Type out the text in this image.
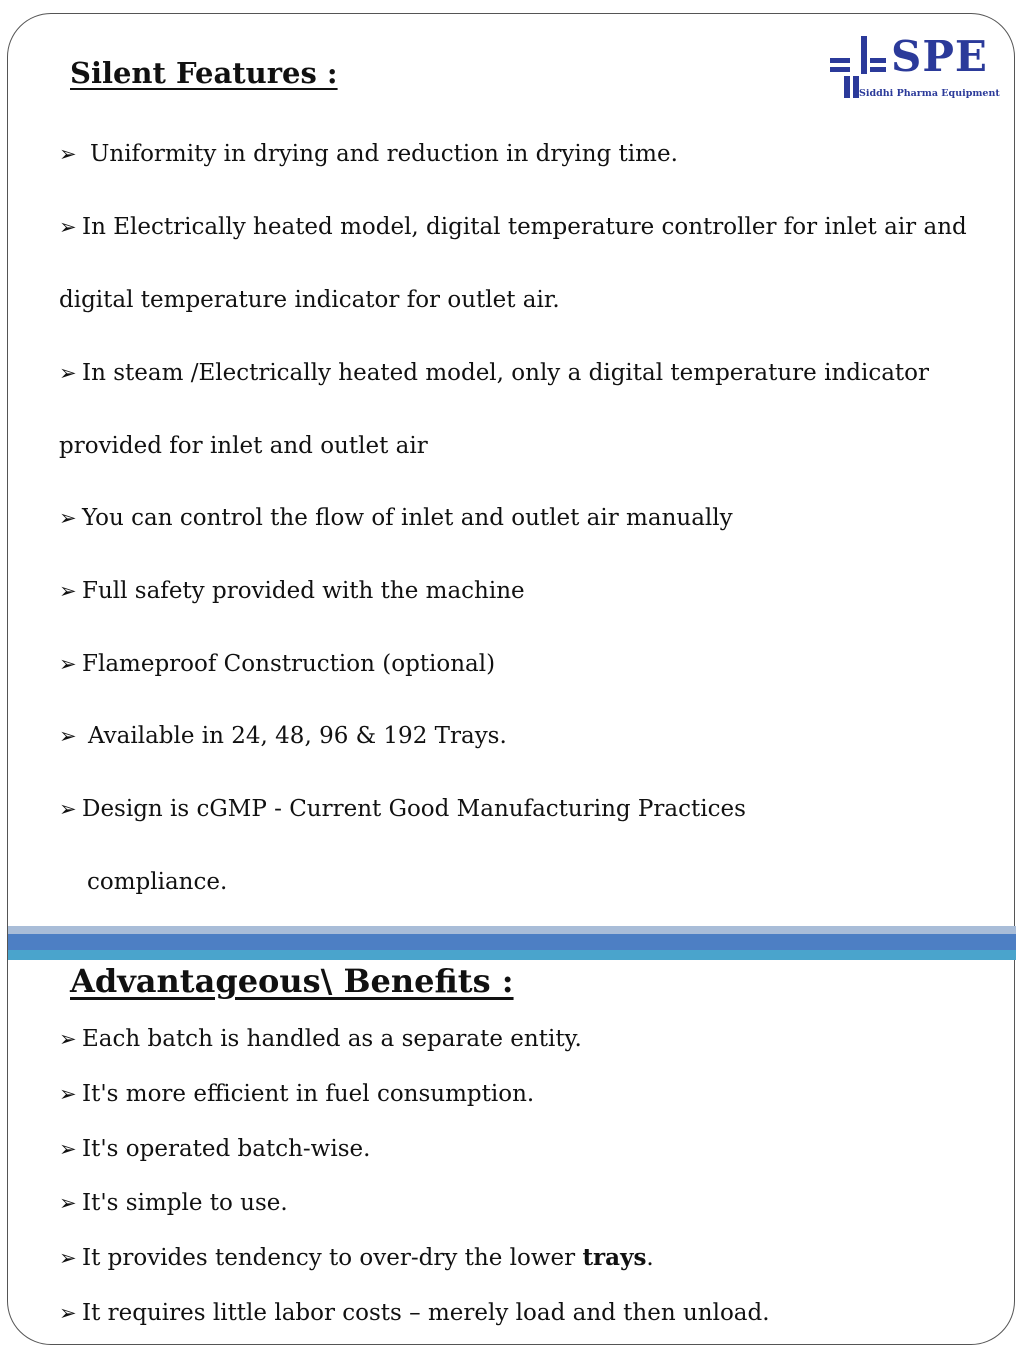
SPE
Siddhi Pharma Equipment
Silent Features :
➢ Uniformity in drying and reduction in drying time.
➢ In Electrically heated model, digital temperature controller for inlet air and
digital temperature indicator for outlet air.
➢ In steam /Electrically heated model, only a digital temperature indicator
provided for inlet and outlet air
➢ You can control the flow of inlet and outlet air manually
➢ Full safety provided with the machine
➢ Flameproof Construction (optional)
➢ Available in 24, 48, 96 & 192 Trays.
➢ Design is cGMP - Current Good Manufacturing Practices
compliance.
Advantageous\ Benefits :
➢ Each batch is handled as a separate entity.
➢ It's more efficient in fuel consumption.
➢ It's operated batch-wise.
➢ It's simple to use.
➢ It provides tendency to over-dry the lower trays.
➢ It requires little labor costs – merely load and then unload.
